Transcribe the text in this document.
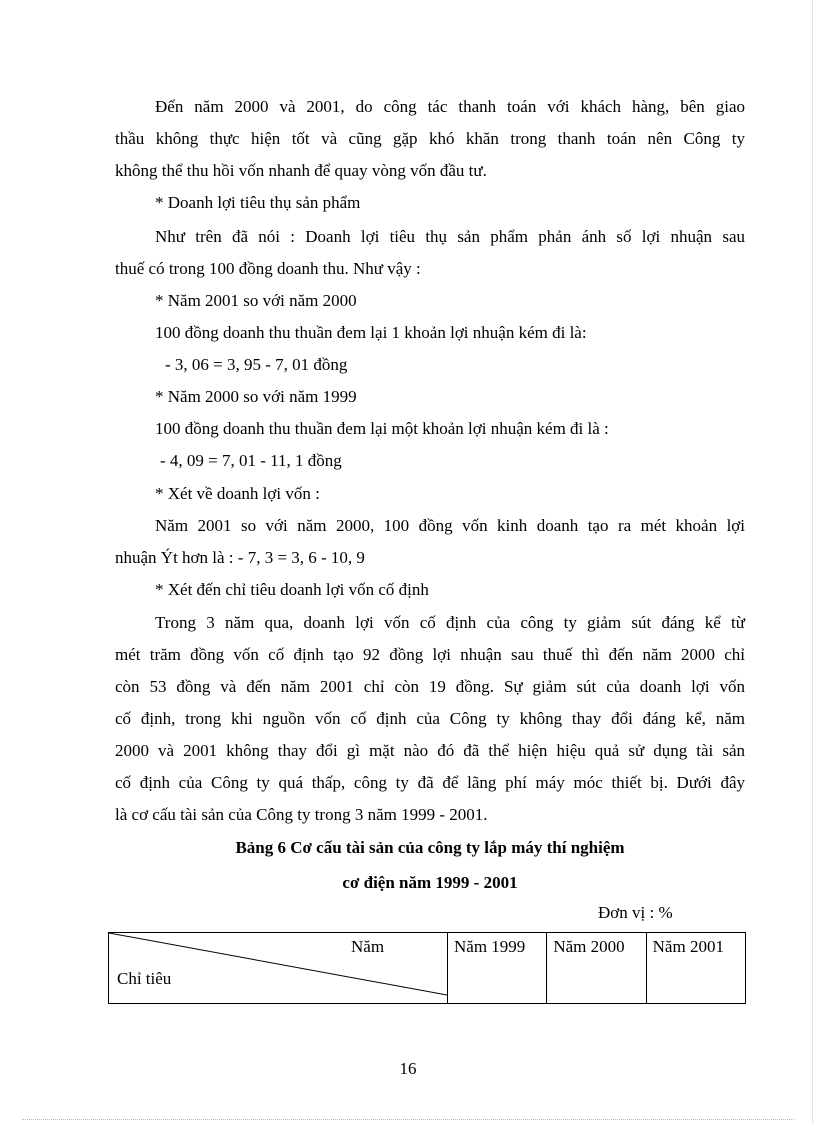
Đến năm 2000 và 2001, do công tác thanh toán với khách hàng, bên giao
thầu không thực hiện tốt và cũng gặp khó khăn trong thanh toán nên Công ty
không thể thu hồi vốn nhanh để quay vòng vốn đầu tư.
* Doanh lợi tiêu thụ sản phẩm
Như trên đã nói : Doanh lợi tiêu thụ sản phẩm phản ánh số lợi nhuận sau
thuế có trong 100 đồng doanh thu. Như vậy :
* Năm 2001 so với năm 2000
100 đồng doanh thu thuần đem lại 1 khoản lợi nhuận kém đi là:
- 3, 06 = 3, 95 - 7, 01 đồng
* Năm 2000 so với năm 1999
100 đồng doanh thu thuần đem lại một khoản lợi nhuận kém đi là :
- 4, 09 = 7, 01 - 11, 1 đồng
* Xét về doanh lợi vốn :
Năm 2001 so với năm 2000, 100 đồng vốn kinh doanh tạo ra mét khoản lợi
nhuận Ýt hơn là : - 7, 3 = 3, 6 - 10, 9
* Xét đến chỉ tiêu doanh lợi vốn cố định
Trong 3 năm qua, doanh lợi vốn cố định của công ty giảm sút đáng kể từ
mét trăm đồng vốn cố định tạo 92 đồng lợi nhuận sau thuế thì đến năm 2000 chỉ
còn 53 đồng và đến năm 2001 chỉ còn 19 đồng. Sự giảm sút của doanh lợi vốn
cố định, trong khi nguồn vốn cố định của Công ty không thay đổi đáng kể, năm
2000 và 2001 không thay đổi gì mặt nào đó đã thể hiện hiệu quả sử dụng tài sản
cố định của Công ty quá thấp, công ty đã để lãng phí máy móc thiết bị. Dưới đây
là cơ cấu tài sản của Công ty trong 3 năm 1999 - 2001.
Bảng 6 Cơ cấu tài sản của công ty lắp máy thí nghiệm
cơ điện năm 1999 - 2001
Đơn vị : %
Năm
Chỉ tiêu
	Năm 1999	Năm 2000	Năm 2001
16
